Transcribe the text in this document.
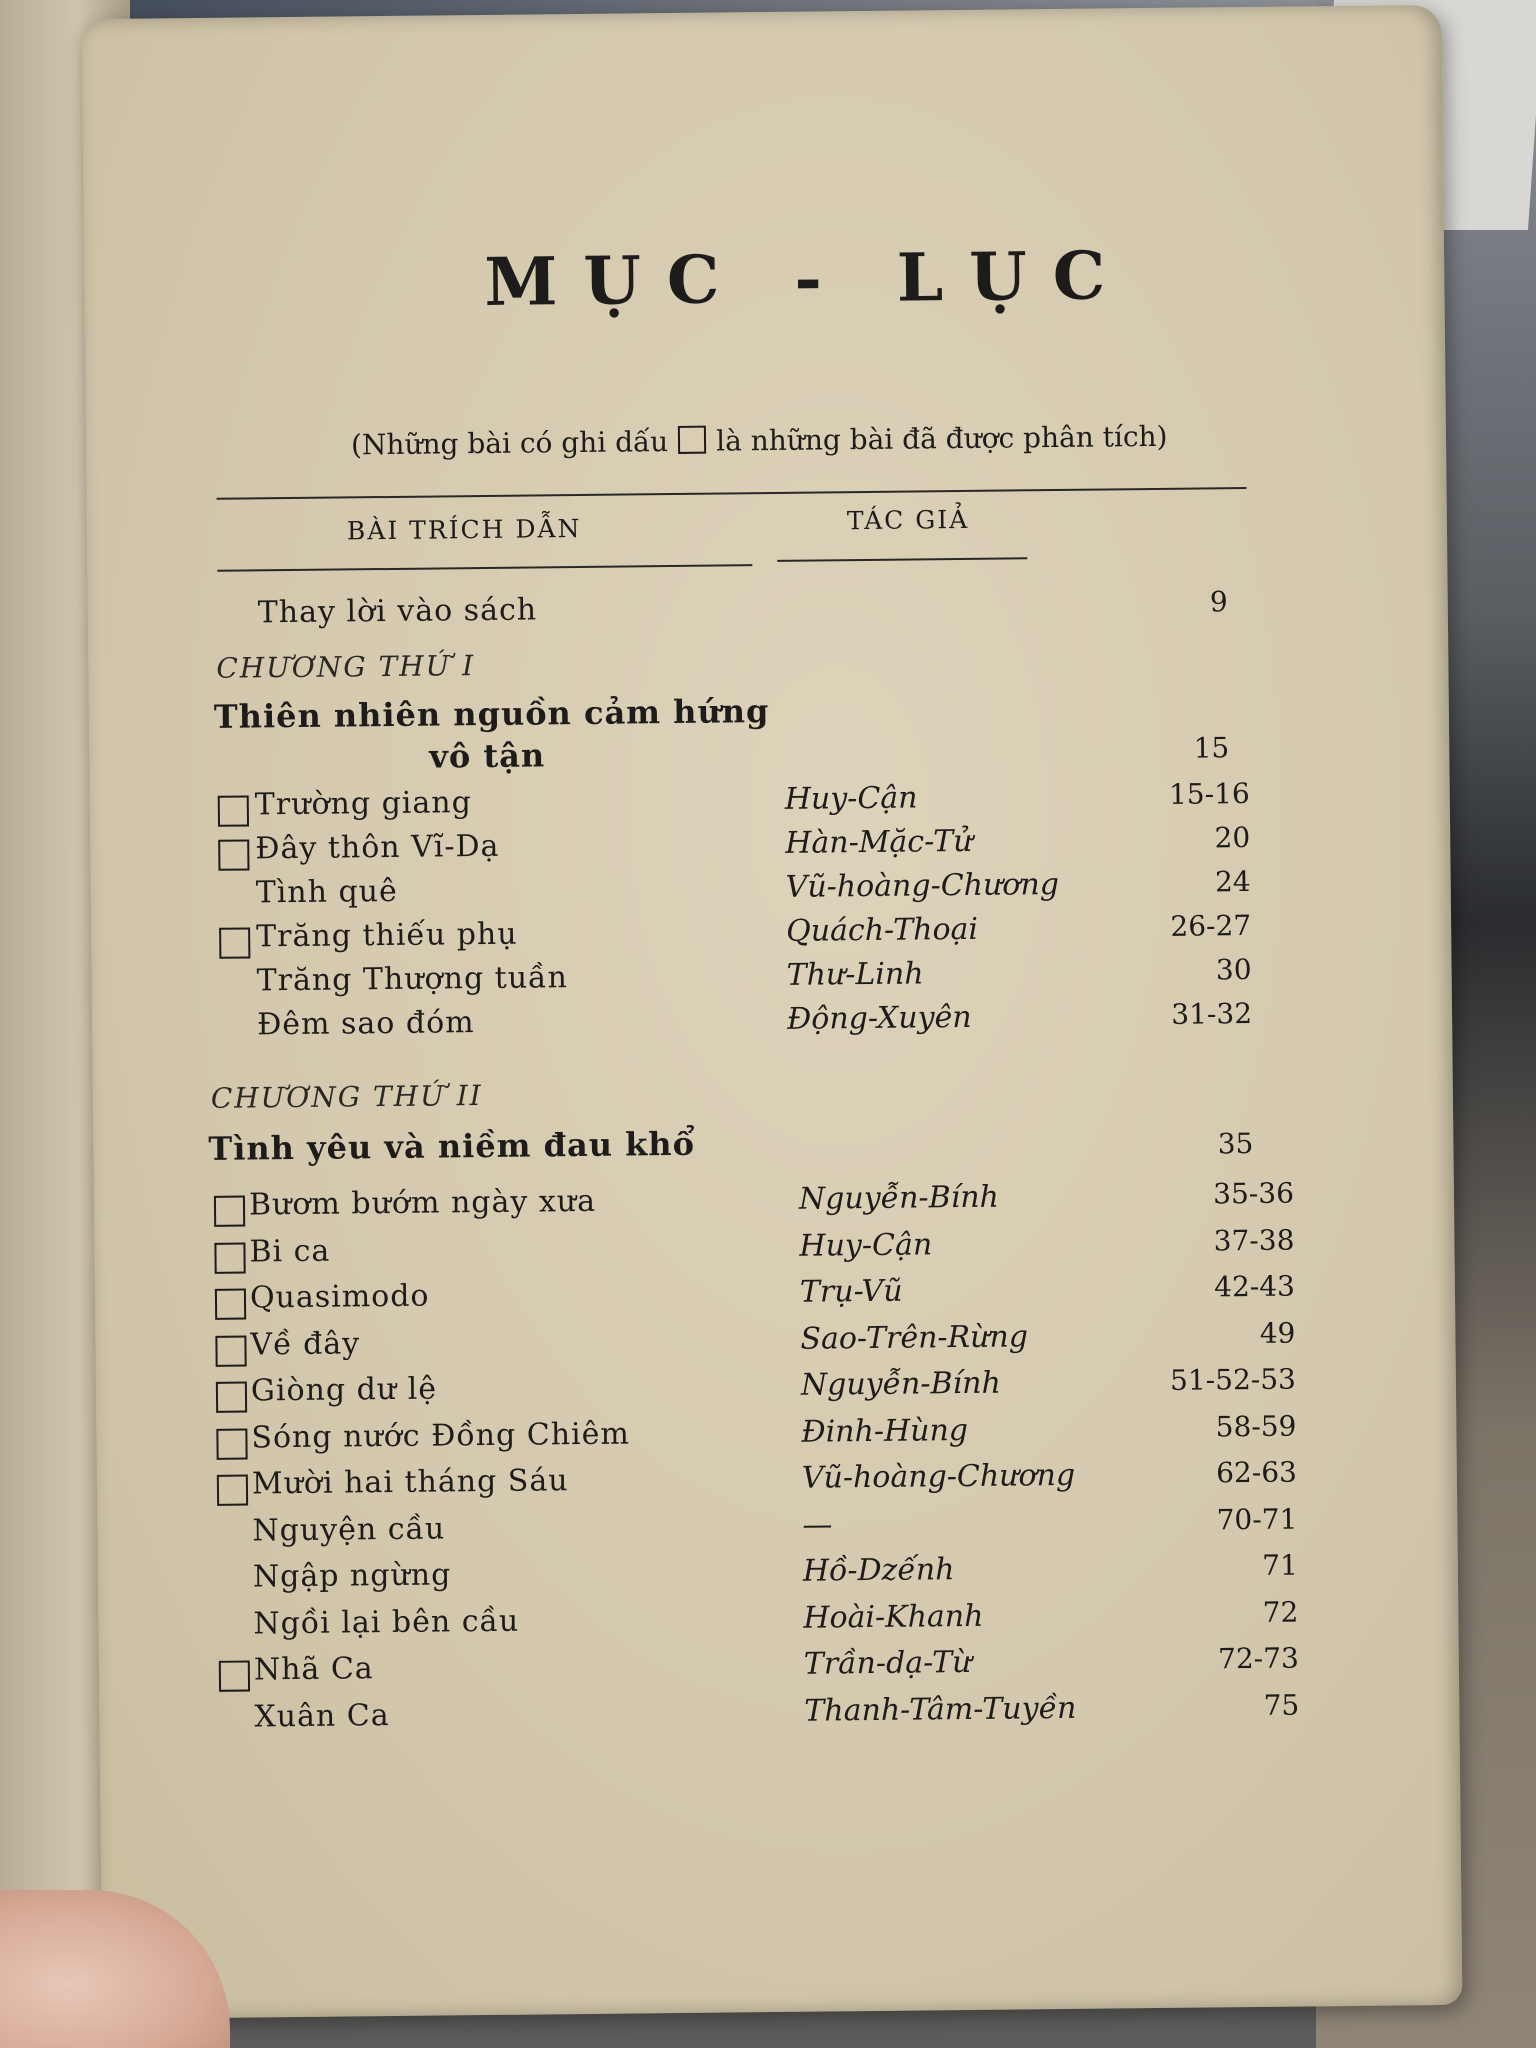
MỤC - LỤC
(Những bài có ghi dấu là những bài đã được phân tích)
BÀI TRÍCH DẪN	TÁC GIẢ
Thay lời vào sách	9
CHƯƠNG THỨ I
Thiên nhiên nguồn cảm hứng
vô tận	15
Trường giang	Huy-Cận	15-16
Đây thôn Vĩ-Dạ	Hàn-Mặc-Tử	20
Tình quê	Vũ-hoàng-Chương	24
Trăng thiếu phụ	Quách-Thoại	26-27
Trăng Thượng tuần	Thư-Linh	30
Đêm sao đóm	Động-Xuyên	31-32
CHƯƠNG THỨ II
Tình yêu và niềm đau khổ	35
Bươm bướm ngày xưa	Nguyễn-Bính	35-36
Bi ca	Huy-Cận	37-38
Quasimodo	Trụ-Vũ	42-43
Về đây	Sao-Trên-Rừng	49
Giòng dư lệ	Nguyễn-Bính	51-52-53
Sóng nước Đồng Chiêm	Đinh-Hùng	58-59
Mười hai tháng Sáu	Vũ-hoàng-Chương	62-63
Nguyện cầu	—	70-71
Ngập ngừng	Hồ-Dzếnh	71
Ngồi lại bên cầu	Hoài-Khanh	72
Nhã Ca	Trần-dạ-Từ	72-73
Xuân Ca	Thanh-Tâm-Tuyền	75
